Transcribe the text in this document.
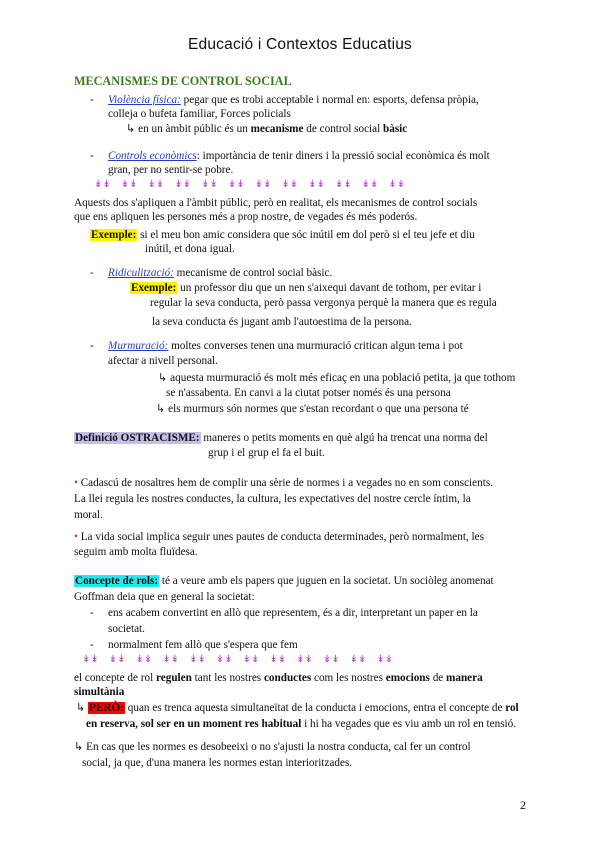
Educació i Contextos Educatius
MECANISMES DE CONTROL SOCIAL
- Violència física: pegar que es trobi acceptable i normal en: esports, defensa pròpia,
colleja o bufeta familiar, Forces policials
↳ en un àmbit públic és un mecanisme de control social bàsic
- Controls econòmics: importància de tenir diners i la pressió social econòmica és molt
gran, per no sentir-se pobre.
↡↡ ↡↡ ↡↡ ↡↡ ↡↡ ↡↡ ↡↡ ↡↡ ↡↡ ↡↡ ↡↡ ↡↡
Aquests dos s'apliquen a l'àmbit públic, però en realitat, els mecanismes de control socials
que ens apliquen les persones més a prop nostre, de vegades és més poderós.
Exemple: si el meu bon amic considera que sóc inútil em dol però si el teu jefe et diu
inútil, et dona igual.
- Ridiculització: mecanisme de control social bàsic.
Exemple: un professor diu que un nen s'aixequi davant de tothom, per evitar i
regular la seva conducta, però passa vergonya perquè la manera que es regula
la seva conducta és jugant amb l'autoestima de la persona.
- Murmuració: moltes converses tenen una murmuració critican algun tema i pot
afectar a nivell personal.
↳ aquesta murmuració és molt més eficaç en una població petita, ja que tothom
se n'assabenta. En canvi a la ciutat potser només és una persona
↳ els murmurs són normes que s'estan recordant o que una persona té
Definició OSTRACISME: maneres o petits moments en què algú ha trencat una norma del
grup i el grup el fa el buit.
• Cadascú de nosaltres hem de complir una sèrie de normes i a vegades no en som conscients.
La llei regula les nostres conductes, la cultura, les expectatives del nostre cercle íntim, la
moral.
• La vida social implica seguir unes pautes de conducta determinades, però normalment, les
seguim amb molta fluïdesa.
Concepte de rols: té a veure amb els papers que juguen en la societat. Un sociòleg anomenat
Goffman deia que en general la societat:
- ens acabem convertint en allò que representem, és a dir, interpretant un paper en la
societat.
- normalment fem allò que s'espera que fem
↡↡ ↡↡ ↡↡ ↡↡ ↡↡ ↡↡ ↡↡ ↡↡ ↡↡ ↡↡ ↡↡ ↡↡
el concepte de rol regulen tant les nostres conductes com les nostres emocions de manera
simultània
↳ PERÒ: quan es trenca aquesta simultaneïtat de la conducta i emocions, entra el concepte de rol
en reserva, sol ser en un moment res habitual i hi ha vegades que es viu amb un rol en tensió.
↳ En cas que les normes es desobeeixi o no s'ajusti la nostra conducta, cal fer un control
social, ja que, d'una manera les normes estan interioritzades.
2
